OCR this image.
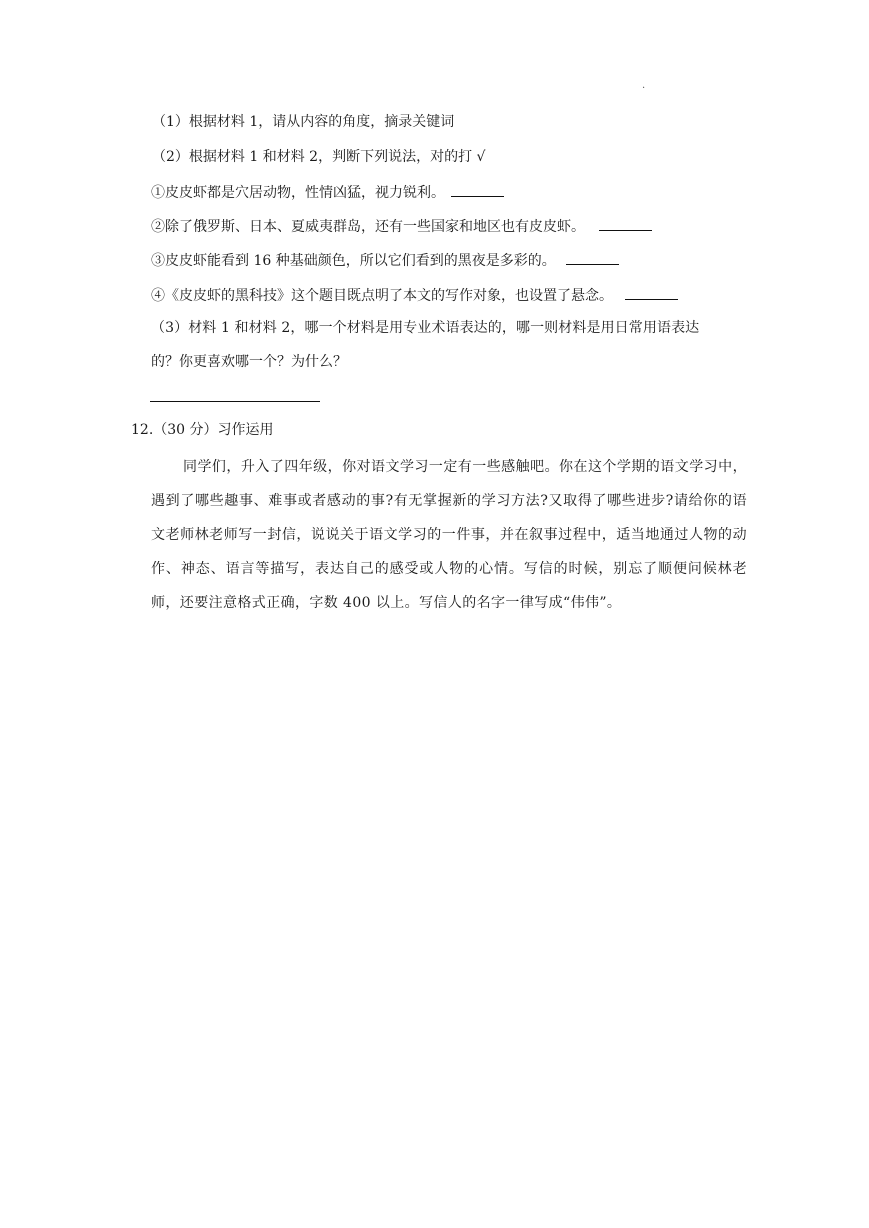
.
（1）根据材料 1，请从内容的角度，摘录关键词
（2）根据材料 1 和材料 2，判断下列说法，对的打 √
①皮皮虾都是穴居动物，性情凶猛，视力锐利。
②除了俄罗斯、日本、夏威夷群岛，还有一些国家和地区也有皮皮虾。
③皮皮虾能看到 16 种基础颜色，所以它们看到的黑夜是多彩的。
④《皮皮虾的黑科技》这个题目既点明了本文的写作对象，也设置了悬念。
（3）材料 1 和材料 2，哪一个材料是用专业术语表达的，哪一则材料是用日常用语表达
的？你更喜欢哪一个？为什么？
12.（30 分）习作运用
同学们，升入了四年级，你对语文学习一定有一些感触吧。你在这个学期的语文学习中，遇到了哪些趣事、难事或者感动的事?有无掌握新的学习方法?又取得了哪些进步?请给你的语文老师林老师写一封信，说说关于语文学习的一件事，并在叙事过程中，适当地通过人物的动作、神态、语言等描写，表达自己的感受或人物的心情。写信的时候，别忘了顺便问候林老师，还要注意格式正确，字数 400 以上。写信人的名字一律写成“伟伟”。
